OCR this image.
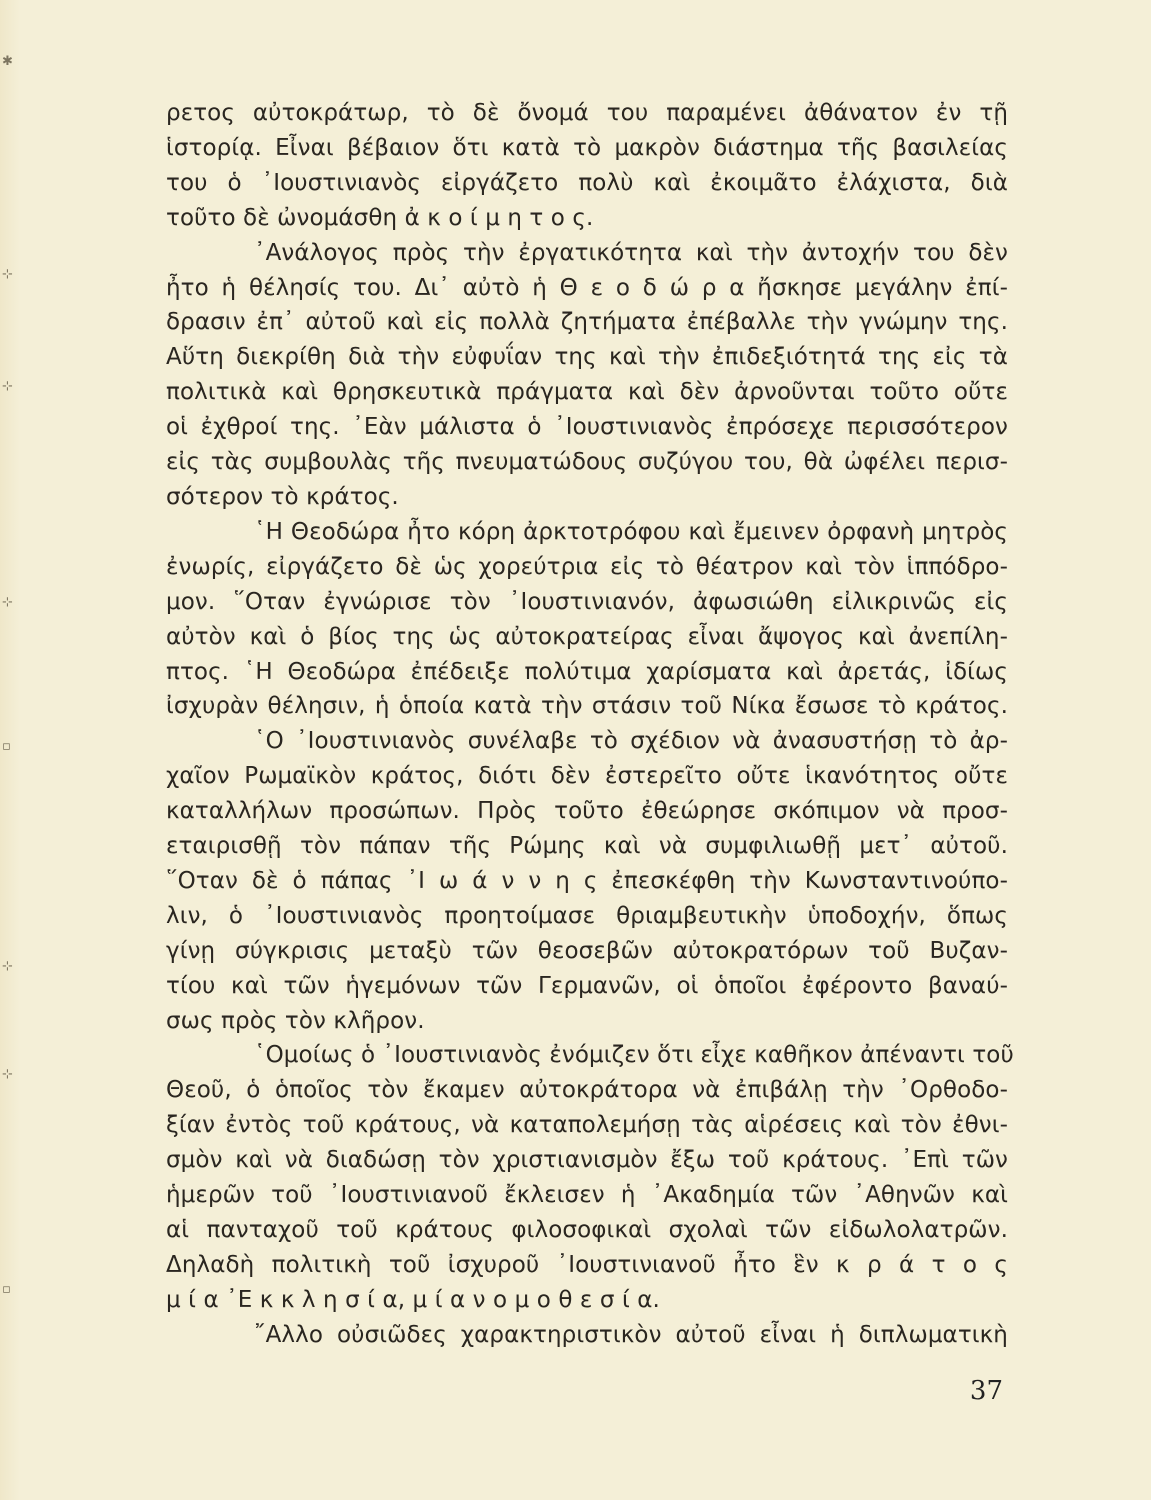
✱
⊹
⊹
⊹
▫
⊹
⊹
▫
ρετος αὐτοκράτωρ, τὸ δὲ ὄνομά του παραμένει ἀθάνατον ἐν τῇ
ἱστορίᾳ. Εἶναι βέβαιον ὅτι κατὰ τὸ μακρὸν διάστημα τῆς βασιλείας
του ὁ ᾿Ιουστινιανὸς εἰργάζετο πολὺ καὶ ἐκοιμᾶτο ἐλάχιστα, διὰ
τοῦτο δὲ ὠνομάσθη ἀ κ ο ί μ η τ ο ς.
᾿Ανάλογος πρὸς τὴν ἐργατικότητα καὶ τὴν ἀντοχήν του δὲν
ἦτο ἡ θέλησίς του. Δι᾿ αὐτὸ ἡ Θ ε ο δ ώ ρ α ἤσκησε μεγάλην ἐπί-
δρασιν ἐπ᾿ αὐτοῦ καὶ εἰς πολλὰ ζητήματα ἐπέβαλλε τὴν γνώμην της.
Αὕτη διεκρίθη διὰ τὴν εὐφυΐαν της καὶ τὴν ἐπιδεξιότητά της εἰς τὰ
πολιτικὰ καὶ θρησκευτικὰ πράγματα καὶ δὲν ἀρνοῦνται τοῦτο οὔτε
οἱ ἐχθροί της. ᾿Εὰν μάλιστα ὁ ᾿Ιουστινιανὸς ἐπρόσεχε περισσότερον
εἰς τὰς συμβουλὰς τῆς πνευματώδους συζύγου του, θὰ ὠφέλει περισ-
σότερον τὸ κράτος.
῾Η Θεοδώρα ἦτο κόρη ἀρκτοτρόφου καὶ ἔμεινεν ὀρφανὴ μητρὸς
ἐνωρίς, εἰργάζετο δὲ ὡς χορεύτρια εἰς τὸ θέατρον καὶ τὸν ἱππόδρο-
μον. ῞Οταν ἐγνώρισε τὸν ᾿Ιουστινιανόν, ἀφωσιώθη εἰλικρινῶς εἰς
αὐτὸν καὶ ὁ βίος της ὡς αὐτοκρατείρας εἶναι ἄψογος καὶ ἀνεπίλη-
πτος. ῾Η Θεοδώρα ἐπέδειξε πολύτιμα χαρίσματα καὶ ἀρετάς, ἰδίως
ἰσχυρὰν θέλησιν, ἡ ὁποία κατὰ τὴν στάσιν τοῦ Νίκα ἔσωσε τὸ κράτος.
῾Ο ᾿Ιουστινιανὸς συνέλαβε τὸ σχέδιον νὰ ἀνασυστήσῃ τὸ ἀρ-
χαῖον Ρωμαϊκὸν κράτος, διότι δὲν ἐστερεῖτο οὔτε ἱκανότητος οὔτε
καταλλήλων προσώπων. Πρὸς τοῦτο ἐθεώρησε σκόπιμον νὰ προσ-
εταιρισθῇ τὸν πάπαν τῆς Ρώμης καὶ νὰ συμφιλιωθῇ μετ᾿ αὐτοῦ.
῞Οταν δὲ ὁ πάπας ᾿Ι ω ά ν ν η ς ἐπεσκέφθη τὴν Κωνσταντινούπο-
λιν, ὁ ᾿Ιουστινιανὸς προητοίμασε θριαμβευτικὴν ὑποδοχήν, ὅπως
γίνῃ σύγκρισις μεταξὺ τῶν θεοσεβῶν αὐτοκρατόρων τοῦ Βυζαν-
τίου καὶ τῶν ἡγεμόνων τῶν Γερμανῶν, οἱ ὁποῖοι ἐφέροντο βαναύ-
σως πρὸς τὸν κλῆρον.
῾Ομοίως ὁ ᾿Ιουστινιανὸς ἐνόμιζεν ὅτι εἶχε καθῆκον ἀπέναντι τοῦ
Θεοῦ, ὁ ὁποῖος τὸν ἔκαμεν αὐτοκράτορα νὰ ἐπιβάλῃ τὴν ᾿Ορθοδο-
ξίαν ἐντὸς τοῦ κράτους, νὰ καταπολεμήσῃ τὰς αἱρέσεις καὶ τὸν ἐθνι-
σμὸν καὶ νὰ διαδώσῃ τὸν χριστιανισμὸν ἔξω τοῦ κράτους. ᾿Επὶ τῶν
ἡμερῶν τοῦ ᾿Ιουστινιανοῦ ἔκλεισεν ἡ ᾿Ακαδημία τῶν ᾿Αθηνῶν καὶ
αἱ πανταχοῦ τοῦ κράτους φιλοσοφικαὶ σχολαὶ τῶν εἰδωλολατρῶν.
Δηλαδὴ πολιτικὴ τοῦ ἰσχυροῦ ᾿Ιουστινιανοῦ ἦτο ἓν κ ρ ά τ ο ς
μ ί α ᾿Ε κ κ λ η σ ί α, μ ί α ν ο μ ο θ ε σ ί α.
῎Αλλο οὐσιῶδες χαρακτηριστικὸν αὐτοῦ εἶναι ἡ διπλωματικὴ
37
